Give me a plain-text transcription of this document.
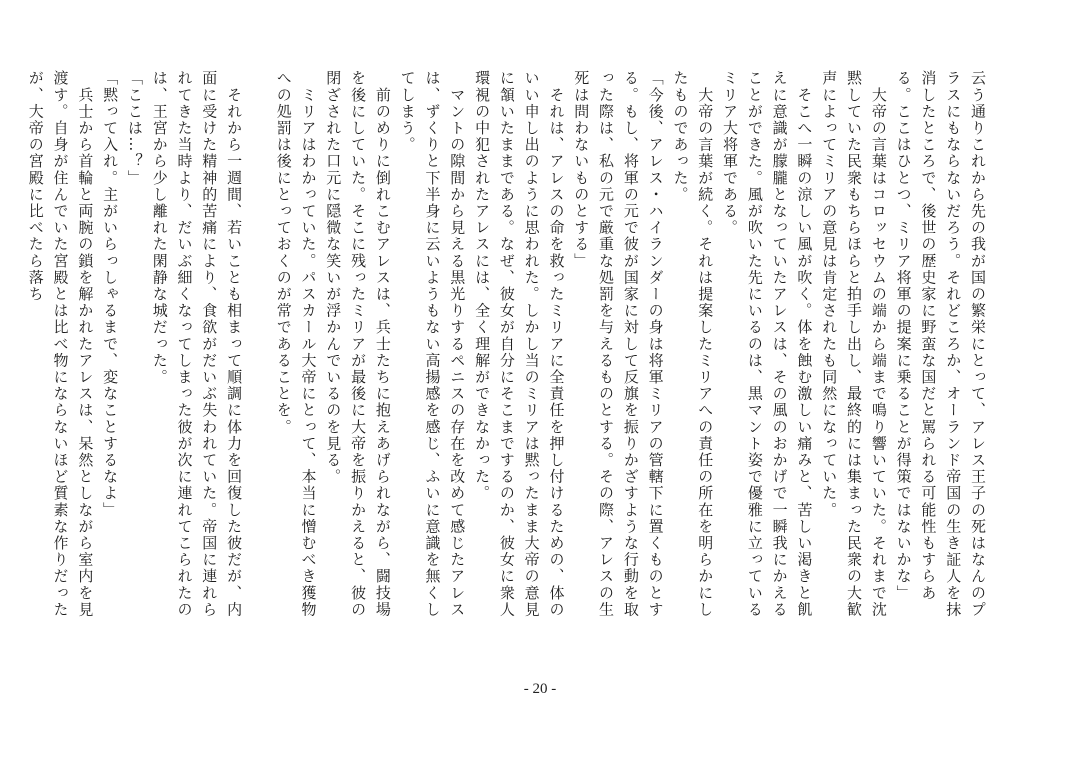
云う通りこれから先の我が国の繁栄にとって、アレス王子の死はなんのプラスにもならないだろう。それどころか、オーランド帝国の生き証人を抹消したところで、後世の歴史家に野蛮な国だと罵られる可能性もすらある。ここはひとつ、ミリア将軍の提案に乗ることが得策ではないかな」

　大帝の言葉はコロッセウムの端から端まで鳴り響いていた。それまで沈黙していた民衆もちらほらと拍手し出し、最終的には集まった民衆の大歓声によってミリアの意見は肯定されたも同然になっていた。

　そこへ一瞬の涼しい風が吹く。体を蝕む激しい痛みと、苦しい渇きと飢えに意識が朦朧となっていたアレスは、その風のおかげで一瞬我にかえることができた。風が吹いた先にいるのは、黒マント姿で優雅に立っているミリア大将軍である。

　大帝の言葉が続く。それは提案したミリアへの責任の所在を明らかにしたものであった。

「今後、アレス・ハイランダーの身は将軍ミリアの管轄下に置くものとする。もし、将軍の元で彼が国家に対して反旗を振りかざすような行動を取った際は、私の元で厳重な処罰を与えるものとする。その際、アレスの生死は問わないものとする」

　それは、アレスの命を救ったミリアに全責任を押し付けるための、体のいい申し出のように思われた。しかし当のミリアは黙ったまま大帝の意見に頷いたままである。なぜ、彼女が自分にそこまでするのか、彼女に衆人環視の中犯されたアレスには、全く理解ができなかった。

　マントの隙間から見える黒光りするペニスの存在を改めて感じたアレスは、ずくりと下半身に云いようもない高揚感を感じ、ふいに意識を無くしてしまう。

　前のめりに倒れこむアレスは、兵士たちに抱えあげられながら、闘技場を後にしていた。そこに残ったミリアが最後に大帝を振りかえると、彼の閉ざされた口元に隠微な笑いが浮かんでいるのを見る。

　ミリアはわかっていた。パスカール大帝にとって、本当に憎むべき獲物への処罰は後にとっておくのが常であることを。

　それから一週間、若いことも相まって順調に体力を回復した彼だが、内面に受けた精神的苦痛により、食欲がだいぶ失われていた。帝国に連れられてきた当時より、だいぶ細くなってしまった彼が次に連れてこられたのは、王宮から少し離れた閑静な城だった。

「ここは…？」

「黙って入れ。主がいらっしゃるまで、変なことするなよ」

　兵士から首輪と両腕の鎖を解かれたアレスは、呆然としながら室内を見渡す。自身が住んでいた宮殿とは比べ物にならないほど質素な作りだったが、大帝の宮殿に比べたら落ち

- 20 -
